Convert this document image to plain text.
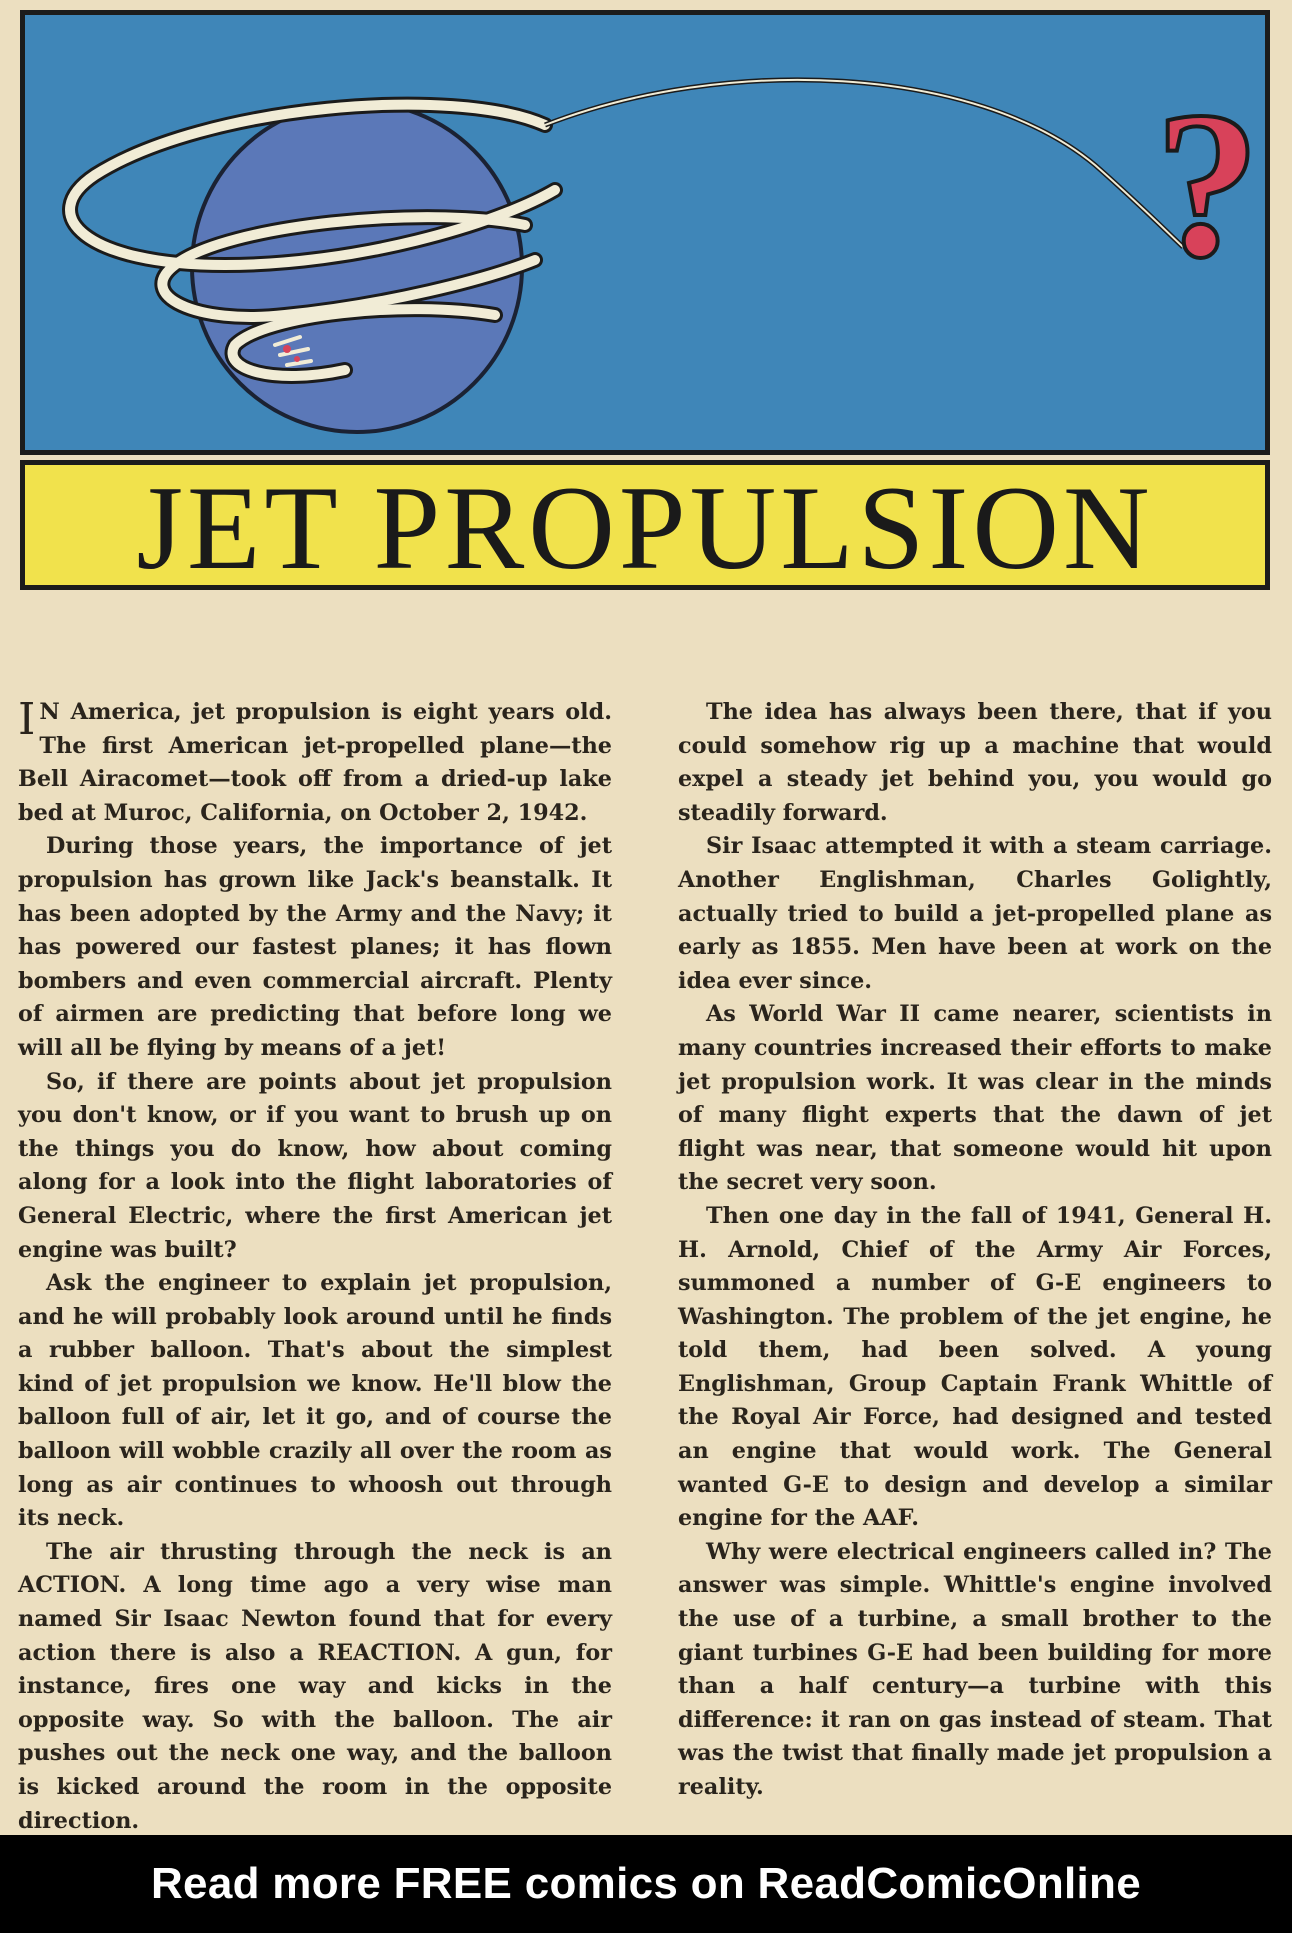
?
JET PROPULSION

I N America, jet propulsion is eight years old. The first American jet-propelled plane—the Bell Airacomet—took off from a dried-up lake bed at Muroc, California, on October 2, 1942.

During those years, the importance of jet propulsion has grown like Jack's beanstalk. It has been adopted by the Army and the Navy; it has powered our fastest planes; it has flown bombers and even commercial aircraft. Plenty of airmen are predicting that before long we will all be flying by means of a jet!

So, if there are points about jet propulsion you don't know, or if you want to brush up on the things you do know, how about coming along for a look into the flight laboratories of General Electric, where the first American jet engine was built?

Ask the engineer to explain jet propulsion, and he will probably look around until he finds a rubber balloon. That's about the simplest kind of jet propulsion we know. He'll blow the balloon full of air, let it go, and of course the balloon will wobble crazily all over the room as long as air continues to whoosh out through its neck.

The air thrusting through the neck is an ACTION. A long time ago a very wise man named Sir Isaac Newton found that for every action there is also a REACTION. A gun, for instance, fires one way and kicks in the opposite way. So with the balloon. The air pushes out the neck one way, and the balloon is kicked around the room in the opposite direction.

The idea has always been there, that if you could somehow rig up a machine that would expel a steady jet behind you, you would go steadily forward.

Sir Isaac attempted it with a steam carriage. Another Englishman, Charles Golightly, actually tried to build a jet-propelled plane as early as 1855. Men have been at work on the idea ever since.

As World War II came nearer, scientists in many countries increased their efforts to make jet propulsion work. It was clear in the minds of many flight experts that the dawn of jet flight was near, that someone would hit upon the secret very soon.

Then one day in the fall of 1941, General H. H. Arnold, Chief of the Army Air Forces, summoned a number of G-E engineers to Washington. The problem of the jet engine, he told them, had been solved. A young Englishman, Group Captain Frank Whittle of the Royal Air Force, had designed and tested an engine that would work. The General wanted G-E to design and develop a similar engine for the AAF.

Why were electrical engineers called in? The answer was simple. Whittle's engine involved the use of a turbine, a small brother to the giant turbines G-E had been building for more than a half century—a turbine with this difference: it ran on gas instead of steam. That was the twist that finally made jet propulsion a reality.

Read more FREE comics on ReadComicOnline
